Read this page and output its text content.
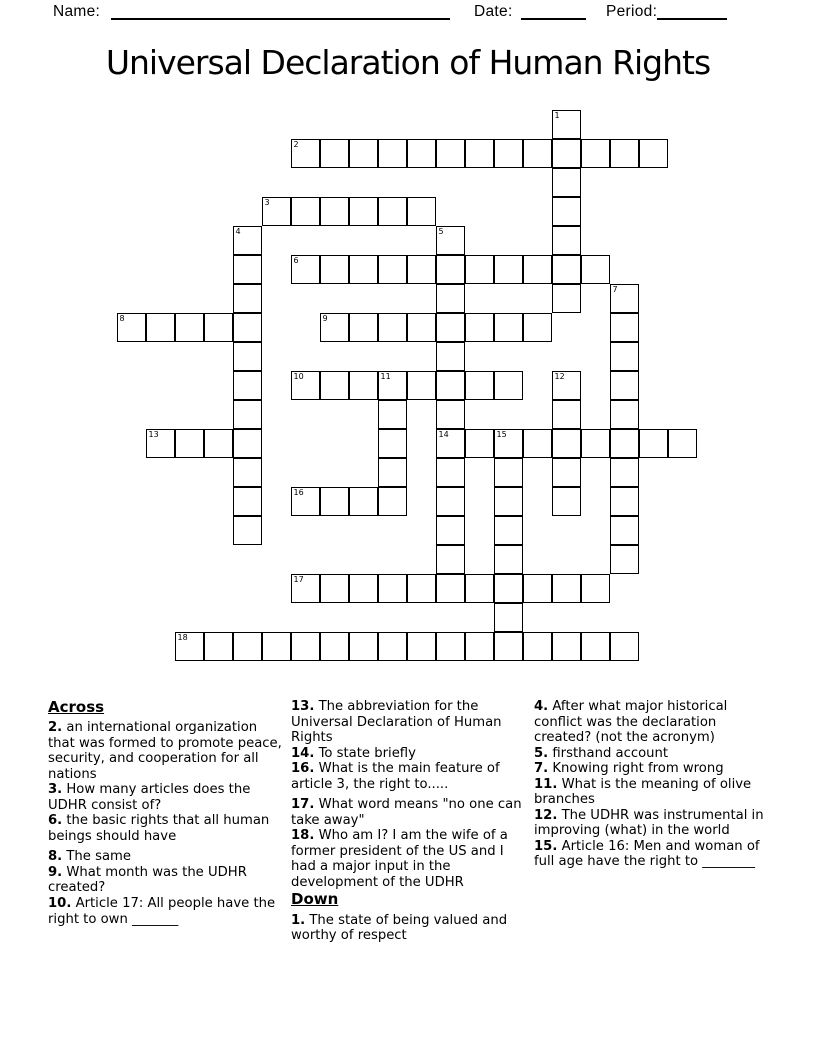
Name:	Date:	Period:
Universal Declaration of Human Rights
1
2
3
4	5
14
6
7
8	9
10	11	12
13	15
16
17
18
Across
2. an international organization that was formed to promote peace, security, and cooperation for all nations
3. How many articles does the UDHR consist of?
6. the basic rights that all human beings should have
8. The same
9. What month was the UDHR created?
10. Article 17: All people have the right to own _______
13. The abbreviation for the Universal Declaration of Human Rights
14. To state briefly
16. What is the main feature of article 3, the right to.....
17. What word means "no one can take away"
18. Who am I? I am the wife of a former president of the US and I had a major input in the development of the UDHR
Down
1. The state of being valued and worthy of respect
4. After what major historical conflict was the declaration created? (not the acronym)
5. firsthand account
7. Knowing right from wrong
11. What is the meaning of olive branches
12. The UDHR was instrumental in improving (what) in the world
15. Article 16: Men and woman of full age have the right to ________
